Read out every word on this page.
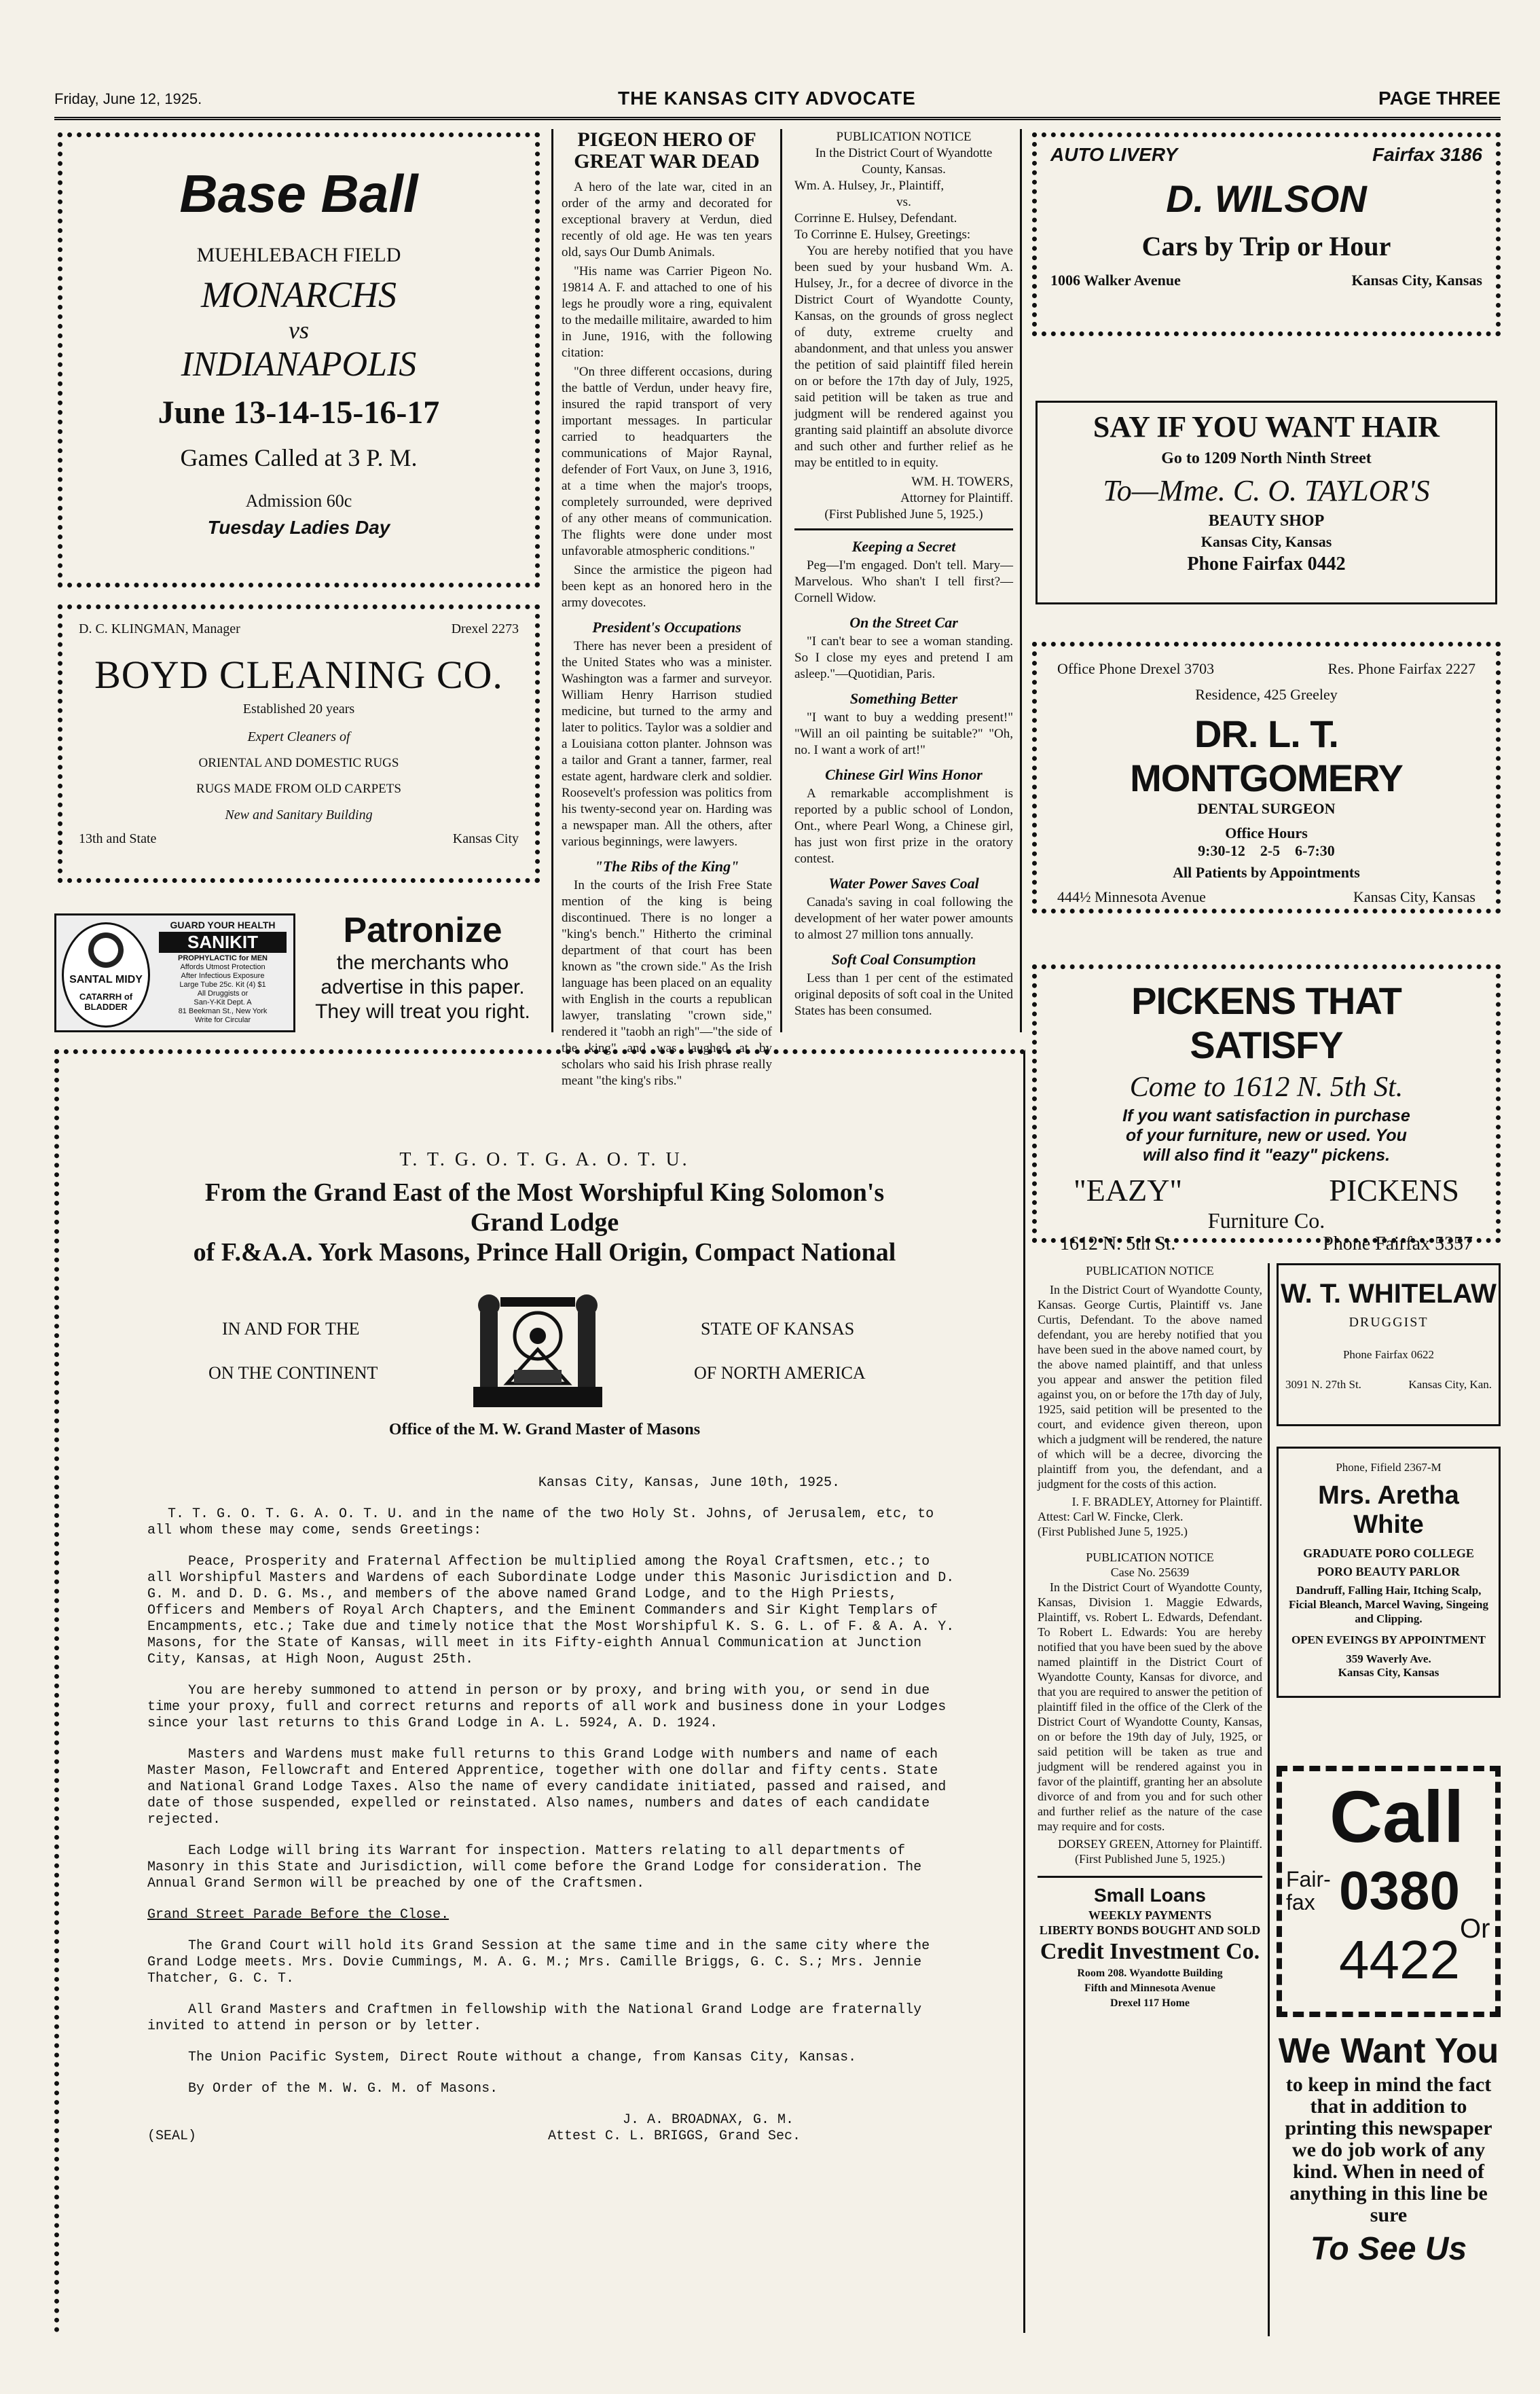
Friday, June 12, 1925.	THE KANSAS CITY ADVOCATE	PAGE THREE
Base Ball
MUEHLEBACH FIELD
MONARCHS
vs
INDIANAPOLIS
June 13-14-15-16-17
Games Called at 3 P. M.
Admission 60c
Tuesday Ladies Day
D. C. KLINGMAN, Manager	Drexel 2273
BOYD CLEANING CO.
Established 20 years
Expert Cleaners of
ORIENTAL AND DOMESTIC RUGS
RUGS MADE FROM OLD CARPETS
New and Sanitary Building
13th and State	Kansas City
SANTAL MIDY
CATARRH of BLADDER
GUARD YOUR HEALTH
SANIKIT
PROPHYLACTIC for MEN
Affords Utmost Protection
After Infectious Exposure
Large Tube 25c. Kit (4) $1
All Druggists or
San-Y-Kit Dept. A
81 Beekman St., New York
Write for Circular
Patronize
the merchants who advertise in this paper. They will treat you right.
PIGEON HERO OF GREAT WAR DEAD

A hero of the late war, cited in an order of the army and decorated for exceptional bravery at Verdun, died recently of old age. He was ten years old, says Our Dumb Animals.

"His name was Carrier Pigeon No. 19814 A. F. and attached to one of his legs he proudly wore a ring, equivalent to the medaille militaire, awarded to him in June, 1916, with the following citation:

"On three different occasions, during the battle of Verdun, under heavy fire, insured the rapid transport of very important messages. In particular carried to headquarters the communications of Major Raynal, defender of Fort Vaux, on June 3, 1916, at a time when the major's troops, completely surrounded, were deprived of any other means of communication. The flights were done under most unfavorable atmospheric conditions."

Since the armistice the pigeon had been kept as an honored hero in the army dovecotes.

President's Occupations

There has never been a president of the United States who was a minister. Washington was a farmer and surveyor. William Henry Harrison studied medicine, but turned to the army and later to politics. Taylor was a soldier and a Louisiana cotton planter. Johnson was a tailor and Grant a tanner, farmer, real estate agent, hardware clerk and soldier. Roosevelt's profession was politics from his twenty-second year on. Harding was a newspaper man. All the others, after various beginnings, were lawyers.

"The Ribs of the King"

In the courts of the Irish Free State mention of the king is being discontinued. There is no longer a "king's bench." Hitherto the criminal department of that court has been known as "the crown side." As the Irish language has been placed on an equality with English in the courts a republican lawyer, translating "crown side," rendered it "taobh an righ"—"the side of the king" and was laughed at by scholars who said his Irish phrase really meant "the king's ribs."

PUBLICATION NOTICE
In the District Court of Wyandotte County, Kansas.
Wm. A. Hulsey, Jr., Plaintiff,
vs.
Corrinne E. Hulsey, Defendant.
To Corrinne E. Hulsey, Greetings:

You are hereby notified that you have been sued by your husband Wm. A. Hulsey, Jr., for a decree of divorce in the District Court of Wyandotte County, Kansas, on the grounds of gross neglect of duty, extreme cruelty and abandonment, and that unless you answer the petition of said plaintiff filed herein on or before the 17th day of July, 1925, said petition will be taken as true and judgment will be rendered against you granting said plaintiff an absolute divorce and such other and further relief as he may be entitled to in equity.

WM. H. TOWERS,
Attorney for Plaintiff.
(First Published June 5, 1925.)
Keeping a Secret

Peg—I'm engaged. Don't tell. Mary—Marvelous. Who shan't I tell first?—Cornell Widow.

On the Street Car

"I can't bear to see a woman standing. So I close my eyes and pretend I am asleep."—Quotidian, Paris.

Something Better

"I want to buy a wedding present!" "Will an oil painting be suitable?" "Oh, no. I want a work of art!"

Chinese Girl Wins Honor

A remarkable accomplishment is reported by a public school of London, Ont., where Pearl Wong, a Chinese girl, has just won first prize in the oratory contest.

Water Power Saves Coal

Canada's saving in coal following the development of her water power amounts to almost 27 million tons annually.

Soft Coal Consumption

Less than 1 per cent of the estimated original deposits of soft coal in the United States has been consumed.

AUTO LIVERY	Fairfax 3186
D. WILSON
Cars by Trip or Hour
1006 Walker Avenue	Kansas City, Kansas
SAY IF YOU WANT HAIR
Go to 1209 North Ninth Street
To—Mme. C. O. TAYLOR'S
BEAUTY SHOP
Kansas City, Kansas
Phone Fairfax 0442
Office Phone Drexel 3703	Res. Phone Fairfax 2227
Residence, 425 Greeley
DR. L. T. MONTGOMERY
DENTAL SURGEON
Office Hours
9:30-12    2-5    6-7:30
All Patients by Appointments
444½ Minnesota Avenue	Kansas City, Kansas
PICKENS THAT SATISFY
Come to 1612 N. 5th St.
If you want satisfaction in purchase
of your furniture, new or used. You
will also find it "eazy" pickens.
"EAZY"	PICKENS
Furniture Co.
1612 N. 5th St.	Phone Fairfax 5357
PUBLICATION NOTICE

In the District Court of Wyandotte County, Kansas. George Curtis, Plaintiff vs. Jane Curtis, Defendant. To the above named defendant, you are hereby notified that you have been sued in the above named court, by the above named plaintiff, and that unless you appear and answer the petition filed against you, on or before the 17th day of July, 1925, said petition will be presented to the court, and evidence given thereon, upon which a judgment will be rendered, the nature of which will be a decree, divorcing the plaintiff from you, the defendant, and a judgment for the costs of this action.

I. F. BRADLEY, Attorney for Plaintiff.
Attest: Carl W. Fincke, Clerk.
(First Published June 5, 1925.)
PUBLICATION NOTICE
Case No. 25639

In the District Court of Wyandotte County, Kansas, Division 1. Maggie Edwards, Plaintiff, vs. Robert L. Edwards, Defendant. To Robert L. Edwards: You are hereby notified that you have been sued by the above named plaintiff in the District Court of Wyandotte County, Kansas for divorce, and that you are required to answer the petition of plaintiff filed in the office of the Clerk of the District Court of Wyandotte County, Kansas, on or before the 19th day of July, 1925, or said petition will be taken as true and judgment will be rendered against you in favor of the plaintiff, granting her an absolute divorce of and from you and for such other and further relief as the nature of the case may require and for costs.

DORSEY GREEN, Attorney for Plaintiff.
(First Published June 5, 1925.)
Small Loans
WEEKLY PAYMENTS
LIBERTY BONDS BOUGHT AND SOLD
Credit Investment Co.
Room 208. Wyandotte Building
Fifth and Minnesota Avenue
Drexel 117 Home
W. T. WHITELAW
DRUGGIST
Phone Fairfax 0622
3091 N. 27th St.	Kansas City, Kan.
Phone, Fifield 2367-M
Mrs. Aretha White
GRADUATE PORO COLLEGE
PORO BEAUTY PARLOR
Dandruff, Falling Hair, Itching Scalp, Ficial Bleanch, Marcel Waving, Singeing and Clipping.
OPEN EVEINGS BY APPOINTMENT
359 Waverly Ave.
Kansas City, Kansas
Call
Fair-fax 0380
Or
4422
We Want You
to keep in mind the fact that in addition to printing this newspaper we do job work of any kind. When in need of anything in this line be sure
To See Us
T. T. G. O. T. G. A. O. T. U.
From the Grand East of the Most Worshipful King Solomon's
Grand Lodge
of F.&A.A. York Masons, Prince Hall Origin, Compact National
IN AND FOR THE
ON THE CONTINENT
STATE OF KANSAS
OF NORTH AMERICA
Office of the M. W. Grand Master of Masons
Kansas City, Kansas, June 10th, 1925.

T. T. G. O. T. G. A. O. T. U. and in the name of the two Holy St. Johns, of Jerusalem, etc, to all whom these may come, sends Greetings:

Peace, Prosperity and Fraternal Affection be multiplied among the Royal Craftsmen, etc.; to all Worshipful Masters and Wardens of each Subordinate Lodge under this Masonic Jurisdiction and D. G. M. and D. D. G. Ms., and members of the above named Grand Lodge, and to the High Priests, Officers and Members of Royal Arch Chapters, and the Eminent Commanders and Sir Kight Templars of Encampments, etc.; Take due and timely notice that the Most Worshipful K. S. G. L. of F. & A. A. Y. Masons, for the State of Kansas, will meet in its Fifty-eighth Annual Communication at Junction City, Kansas, at High Noon, August 25th.

You are hereby summoned to attend in person or by proxy, and bring with you, or send in due time your proxy, full and correct returns and reports of all work and business done in your Lodges since your last returns to this Grand Lodge in A. L. 5924, A. D. 1924.

Masters and Wardens must make full returns to this Grand Lodge with numbers and name of each Master Mason, Fellowcraft and Entered Apprentice, together with one dollar and fifty cents. State and National Grand Lodge Taxes. Also the name of every candidate initiated, passed and raised, and date of those suspended, expelled or reinstated. Also names, numbers and dates of each candidate rejected.

Each Lodge will bring its Warrant for inspection. Matters relating to all departments of Masonry in this State and Jurisdiction, will come before the Grand Lodge for consideration. The Annual Grand Sermon will be preached by one of the Craftsmen.

Grand Street Parade Before the Close.

The Grand Court will hold its Grand Session at the same time and in the same city where the Grand Lodge meets. Mrs. Dovie Cummings, M. A. G. M.; Mrs. Camille Briggs, G. C. S.; Mrs. Jennie Thatcher, G. C. T.

All Grand Masters and Craftmen in fellowship with the National Grand Lodge are fraternally invited to attend in person or by letter.

The Union Pacific System, Direct Route without a change, from Kansas City, Kansas.

By Order of the M. W. G. M. of Masons.

J. A. BROADNAX, G. M.
(SEAL)	Attest C. L. BRIGGS, Grand Sec.
